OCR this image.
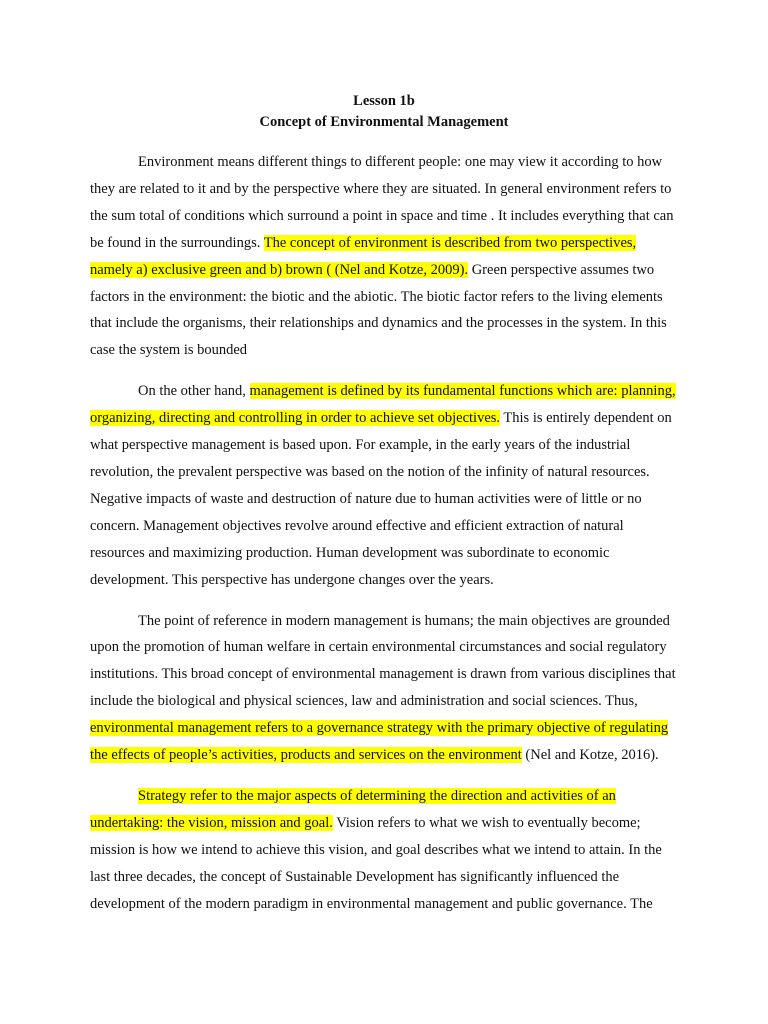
Lesson 1b

Concept of Environmental Management

Environment means different things to different people: one may view it according to how they are related to it and by the perspective where they are situated. In general environment refers to the sum total of conditions which surround a point in space and time . It includes everything that can be found in the surroundings. The concept of environment is described from two perspectives, namely a) exclusive green and b) brown ( (Nel and Kotze, 2009). Green perspective assumes two factors in the environment: the biotic and the abiotic. The biotic factor refers to the living elements that include the organisms, their relationships and dynamics and the processes in the system. In this case the system is bounded

On the other hand, management is defined by its fundamental functions which are: planning, organizing, directing and controlling in order to achieve set objectives. This is entirely dependent on what perspective management is based upon. For example, in the early years of the industrial revolution, the prevalent perspective was based on the notion of the infinity of natural resources. Negative impacts of waste and destruction of nature due to human activities were of little or no concern. Management objectives revolve around effective and efficient extraction of natural resources and maximizing production. Human development was subordinate to economic development. This perspective has undergone changes over the years.

The point of reference in modern management is humans; the main objectives are grounded upon the promotion of human welfare in certain environmental circumstances and social regulatory institutions. This broad concept of environmental management is drawn from various disciplines that include the biological and physical sciences, law and administration and social sciences. Thus, environmental management refers to a governance strategy with the primary objective of regulating the effects of people’s activities, products and services on the environment (Nel and Kotze, 2016).

Strategy refer to the major aspects of determining the direction and activities of an undertaking: the vision, mission and goal. Vision refers to what we wish to eventually become; mission is how we intend to achieve this vision, and goal describes what we intend to attain. In the last three decades, the concept of Sustainable Development has significantly influenced the development of the modern paradigm in environmental management and public governance. The
